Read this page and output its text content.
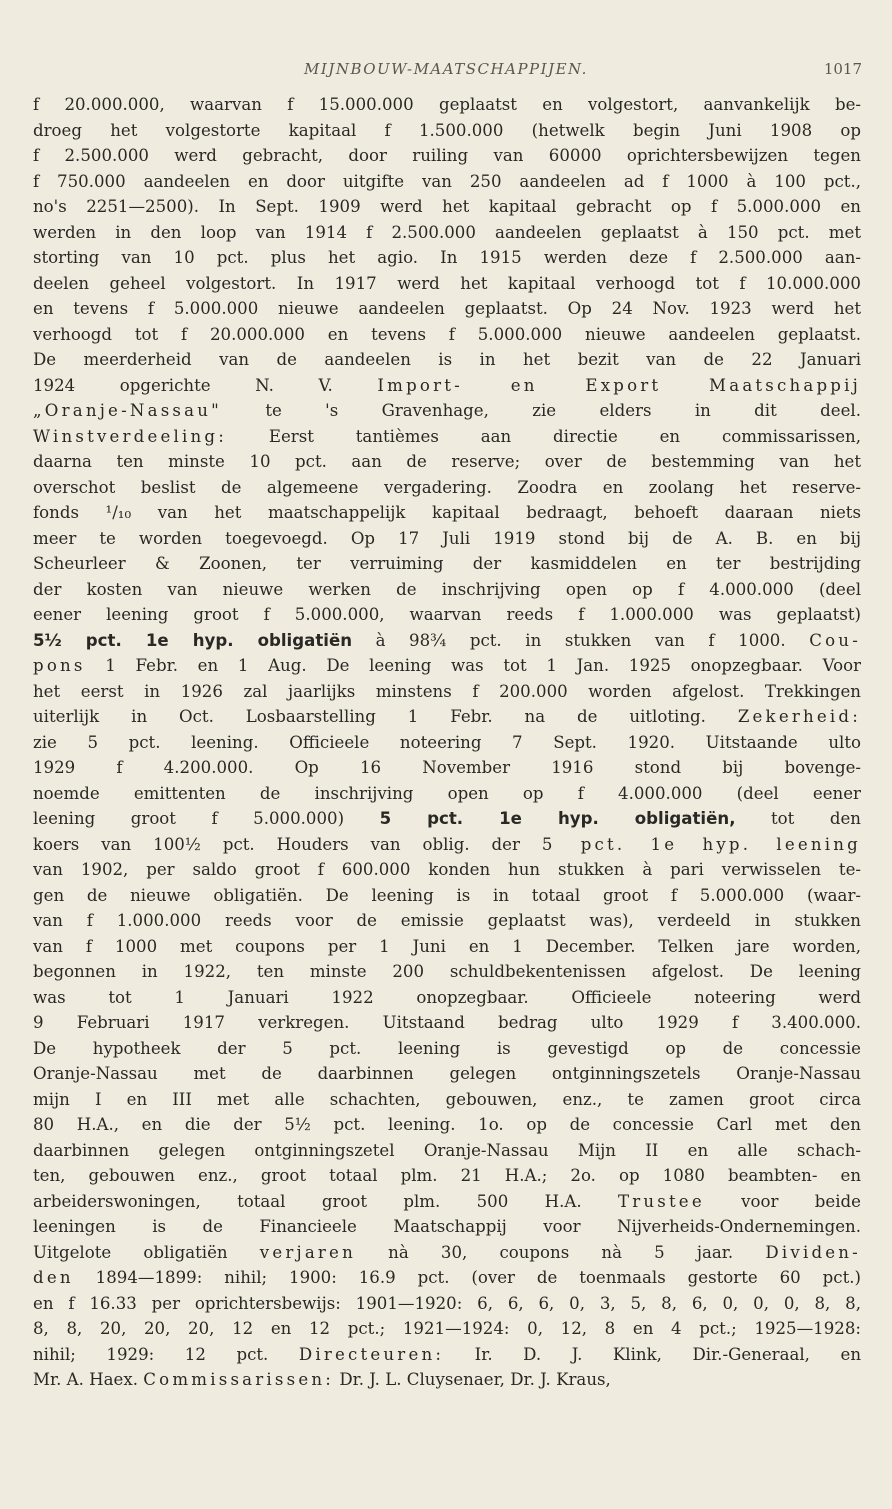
MIJNBOUW-MAATSCHAPPIJEN.	1017
f 20.000.000, waarvan f 15.000.000 geplaatst en volgestort, aanvankelijk be-
droeg het volgestorte kapitaal f 1.500.000 (hetwelk begin Juni 1908 op
f 2.500.000 werd gebracht, door ruiling van 60000 oprichtersbewijzen tegen
f 750.000 aandeelen en door uitgifte van 250 aandeelen ad f 1000 à 100 pct.,
no's 2251—2500). In Sept. 1909 werd het kapitaal gebracht op f 5.000.000 en
werden in den loop van 1914 f 2.500.000 aandeelen geplaatst à 150 pct. met
storting van 10 pct. plus het agio. In 1915 werden deze f 2.500.000 aan-
deelen geheel volgestort. In 1917 werd het kapitaal verhoogd tot f 10.000.000
en tevens f 5.000.000 nieuwe aandeelen geplaatst. Op 24 Nov. 1923 werd het
verhoogd tot f 20.000.000 en tevens f 5.000.000 nieuwe aandeelen geplaatst.
De meerderheid van de aandeelen is in het bezit van de 22 Januari
1924 opgerichte N. V. Import- en Export Maatschappij
„Oranje-Nassau" te 's Gravenhage, zie elders in dit deel.
Winstverdeeling: Eerst tantièmes aan directie en commissarissen,
daarna ten minste 10 pct. aan de reserve; over de bestemming van het
overschot beslist de algemeene vergadering. Zoodra en zoolang het reserve-
fonds ¹/₁₀ van het maatschappelijk kapitaal bedraagt, behoeft daaraan niets
meer te worden toegevoegd. Op 17 Juli 1919 stond bij de A. B. en bij
Scheurleer & Zoonen, ter verruiming der kasmiddelen en ter bestrijding
der kosten van nieuwe werken de inschrijving open op f 4.000.000 (deel
eener leening groot f 5.000.000, waarvan reeds f 1.000.000 was geplaatst)
5½ pct. 1e hyp. obligatiën à 98¾ pct. in stukken van f 1000. Cou-
pons 1 Febr. en 1 Aug. De leening was tot 1 Jan. 1925 onopzegbaar. Voor
het eerst in 1926 zal jaarlijks minstens f 200.000 worden afgelost. Trekkingen
uiterlijk in Oct. Losbaarstelling 1 Febr. na de uitloting. Zekerheid:
zie 5 pct. leening. Officieele noteering 7 Sept. 1920. Uitstaande ulto
1929 f 4.200.000. Op 16 November 1916 stond bij bovenge-
noemde emittenten de inschrijving open op f 4.000.000 (deel eener
leening groot f 5.000.000) 5 pct. 1e hyp. obligatiën, tot den
koers van 100½ pct. Houders van oblig. der 5 pct. 1e hyp. leening
van 1902, per saldo groot f 600.000 konden hun stukken à pari verwisselen te-
gen de nieuwe obligatiën. De leening is in totaal groot f 5.000.000 (waar-
van f 1.000.000 reeds voor de emissie geplaatst was), verdeeld in stukken
van f 1000 met coupons per 1 Juni en 1 December. Telken jare worden,
begonnen in 1922, ten minste 200 schuldbekentenissen afgelost. De leening
was tot 1 Januari 1922 onopzegbaar. Officieele noteering werd
9 Februari 1917 verkregen. Uitstaand bedrag ulto 1929 f 3.400.000.
De hypotheek der 5 pct. leening is gevestigd op de concessie
Oranje-Nassau met de daarbinnen gelegen ontginningszetels Oranje-Nassau
mijn I en III met alle schachten, gebouwen, enz., te zamen groot circa
80 H.A., en die der 5½ pct. leening. 1o. op de concessie Carl met den
daarbinnen gelegen ontginningszetel Oranje-Nassau Mijn II en alle schach-
ten, gebouwen enz., groot totaal plm. 21 H.A.; 2o. op 1080 beambten- en
arbeiderswoningen, totaal groot plm. 500 H.A. Trustee voor beide
leeningen is de Financieele Maatschappij voor Nijverheids-Ondernemingen.
Uitgelote obligatiën verjaren nà 30, coupons nà 5 jaar. Dividen-
den 1894—1899: nihil; 1900: 16.9 pct. (over de toenmaals gestorte 60 pct.)
en f 16.33 per oprichtersbewijs: 1901—1920: 6, 6, 6, 0, 3, 5, 8, 6, 0, 0, 0, 8, 8,
8, 8, 20, 20, 20, 12 en 12 pct.; 1921—1924: 0, 12, 8 en 4 pct.; 1925—1928:
nihil; 1929: 12 pct. Directeuren: Ir. D. J. Klink, Dir.-Generaal, en
Mr. A. Haex. Commissarissen: Dr. J. L. Cluysenaer, Dr. J. Kraus,
